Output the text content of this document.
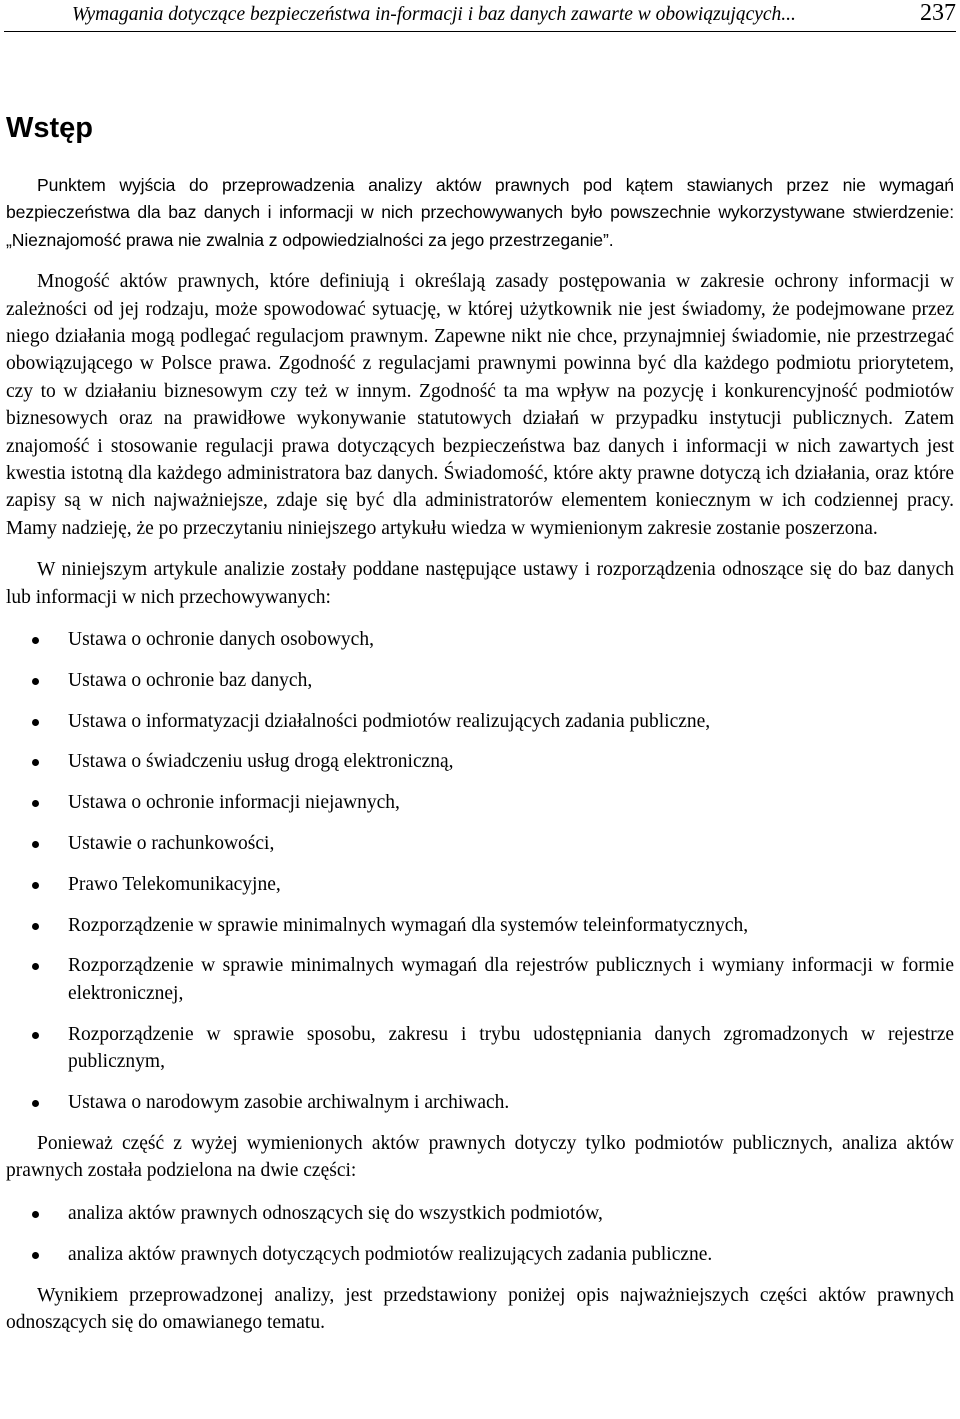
Wymagania dotyczące bezpieczeństwa in-formacji i baz danych zawarte w obowiązujących...	237
Wstęp

Punktem wyjścia do przeprowadzenia analizy aktów prawnych pod kątem stawianych przez nie wymagań bezpieczeństwa dla baz danych i informacji w nich przechowywanych było powszechnie wykorzystywane stwierdzenie: „Nieznajomość prawa nie zwalnia z odpowiedzialności za jego przestrzeganie”.

Mnogość aktów prawnych, które definiują i określają zasady postępowania w zakresie ochrony informacji w zależności od jej rodzaju, może spowodować sytuację, w której użytkownik nie jest świadomy, że podejmowane przez niego działania mogą podlegać regulacjom prawnym. Zapewne nikt nie chce, przynajmniej świadomie, nie przestrzegać obowiązującego w Polsce prawa. Zgodność z regulacjami prawnymi powinna być dla każdego podmiotu priorytetem, czy to w działaniu biznesowym czy też w innym. Zgodność ta ma wpływ na pozycję i konkurencyjność podmiotów biznesowych oraz na prawidłowe wykonywanie statutowych działań w przypadku instytucji publicznych. Zatem znajomość i stosowanie regulacji prawa dotyczących bezpieczeństwa baz danych i informacji w nich zawartych jest kwestia istotną dla każdego administratora baz danych. Świadomość, które akty prawne dotyczą ich działania, oraz które zapisy są w nich najważniejsze, zdaje się być dla administratorów elementem koniecznym w ich codziennej pracy. Mamy nadzieję, że po przeczytaniu niniejszego artykułu wiedza w wymienionym zakresie zostanie poszerzona.

W niniejszym artykule analizie zostały poddane następujące ustawy i rozporządzenia odnoszące się do baz danych lub informacji w nich przechowywanych:

Ustawa o ochronie danych osobowych,
Ustawa o ochronie baz danych,
Ustawa o informatyzacji działalności podmiotów realizujących zadania publiczne,
Ustawa o świadczeniu usług drogą elektroniczną,
Ustawa o ochronie informacji niejawnych,
Ustawie o rachunkowości,
Prawo Telekomunikacyjne,
Rozporządzenie w sprawie minimalnych wymagań dla systemów teleinformatycznych,
Rozporządzenie w sprawie minimalnych wymagań dla rejestrów publicznych i wymiany informacji w formie elektronicznej,
Rozporządzenie w sprawie sposobu, zakresu i trybu udostępniania danych zgromadzonych w rejestrze publicznym,
Ustawa o narodowym zasobie archiwalnym i archiwach.

Ponieważ część z wyżej wymienionych aktów prawnych dotyczy tylko podmiotów publicznych, analiza aktów prawnych została podzielona na dwie części:

analiza aktów prawnych odnoszących się do wszystkich podmiotów,
analiza aktów prawnych dotyczących podmiotów realizujących zadania publiczne.

Wynikiem przeprowadzonej analizy, jest przedstawiony poniżej opis najważniejszych części aktów prawnych odnoszących się do omawianego tematu.
